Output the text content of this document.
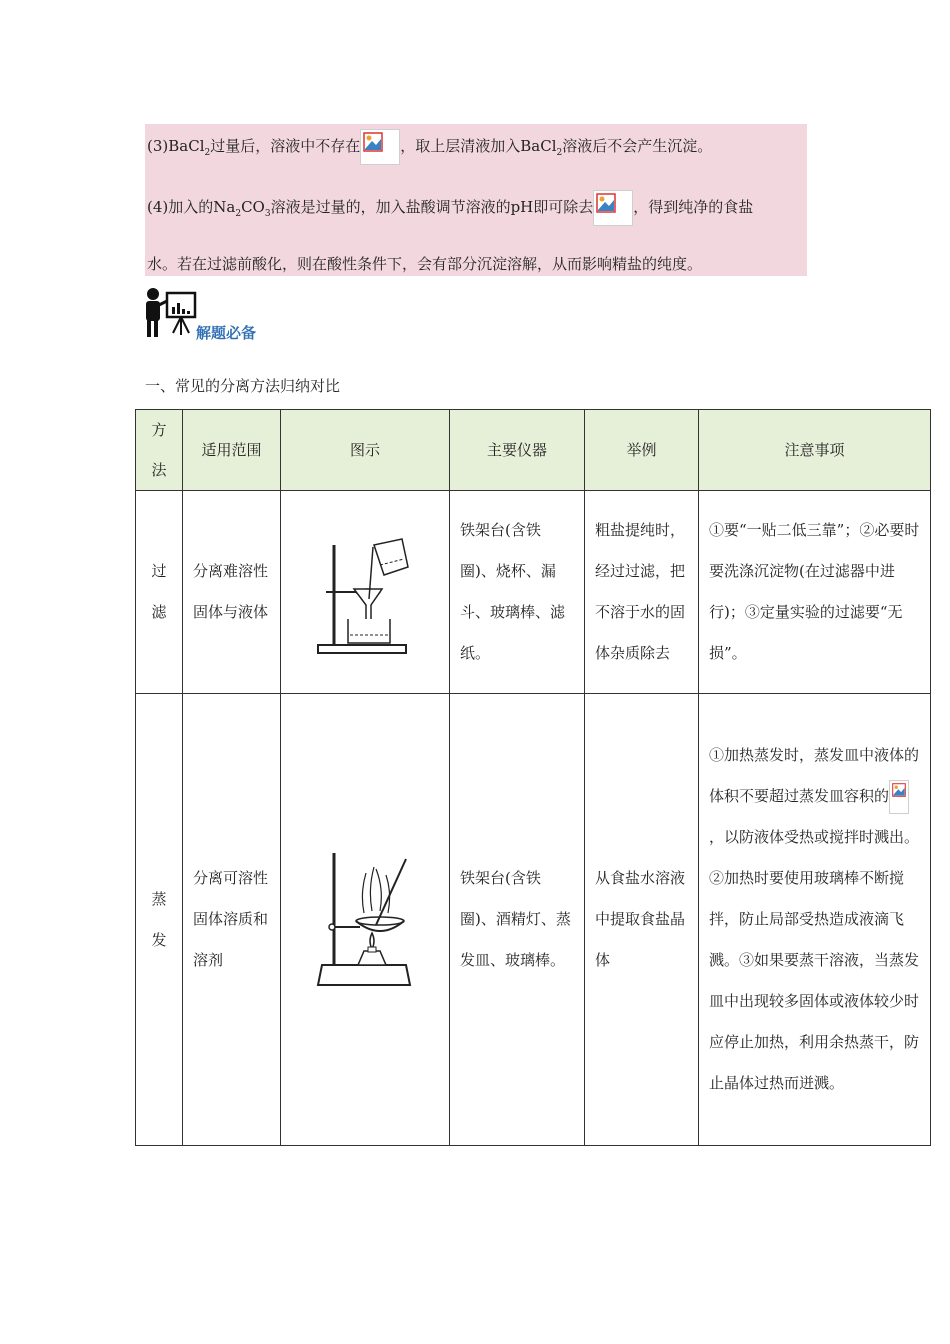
(3)BaCl$_2$过量后，溶液中不存在	，取上层清液加入BaCl$_2$溶液后不会产生沉淀。
(4)加入的$Na_2CO_3$溶液是过量的，加入盐酸调节溶液的pH即可除去	，得到纯净的食盐
水。若在过滤前酸化，则在酸性条件下，会有部分沉淀溶解，从而影响精盐的纯度。
解题必备
一、常见的分离方法归纳对比
方法	适用范围	图示	主要仪器	举例	注意事项
过滤	分离难溶性固体与液体		铁架台(含铁圈)、烧杯、漏斗、玻璃棒、滤纸。	粗盐提纯时，经过过滤，把不溶于水的固体杂质除去	①要“一贴二低三靠”；②必要时要洗涤沉淀物(在过滤器中进行)；③定量实验的过滤要“无损”。
蒸发	分离可溶性固体溶质和溶剂		铁架台(含铁圈)、酒精灯、蒸发皿、玻璃棒。	从食盐水溶液中提取食盐晶体	①加热蒸发时，蒸发皿中液体的体积不要超过蒸发皿容积的
，以防液体受热或搅拌时溅出。②加热时要使用玻璃棒不断搅拌，防止局部受热造成液滴飞溅。③如果要蒸干溶液，当蒸发皿中出现较多固体或液体较少时应停止加热，利用余热蒸干，防止晶体过热而迸溅。
